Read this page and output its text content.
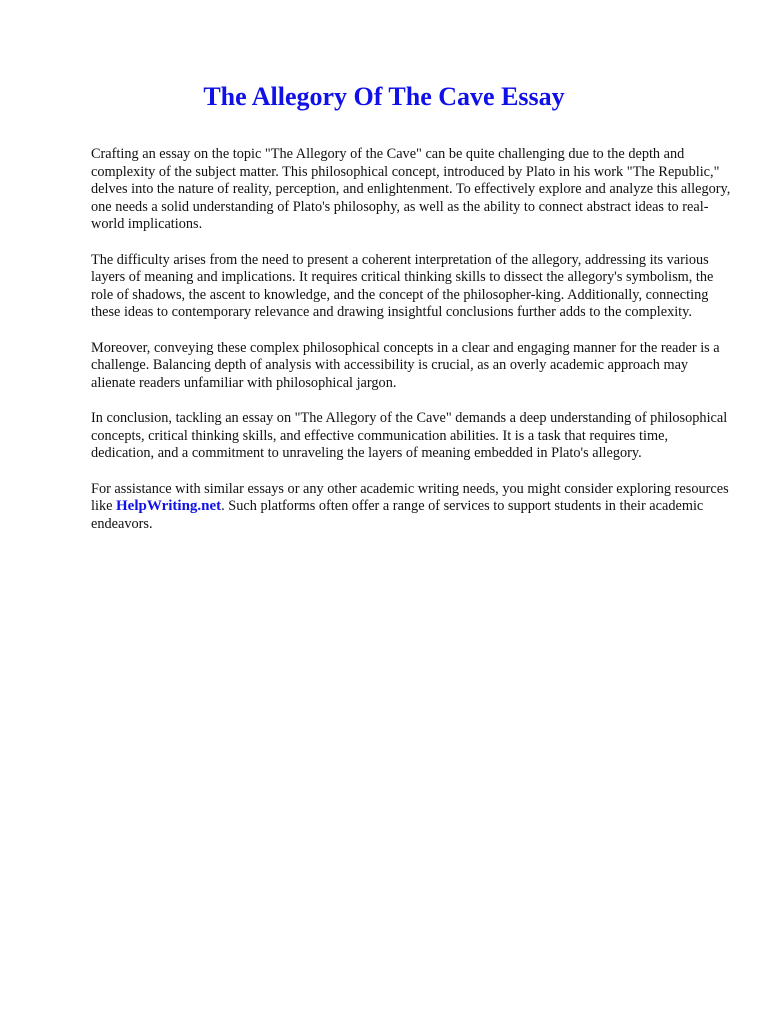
The Allegory Of The Cave Essay

Crafting an essay on the topic "The Allegory of the Cave" can be quite challenging due to the depth and complexity of the subject matter. This philosophical concept, introduced by Plato in his work "The Republic," delves into the nature of reality, perception, and enlightenment. To effectively explore and analyze this allegory, one needs a solid understanding of Plato's philosophy, as well as the ability to connect abstract ideas to real-world implications.

The difficulty arises from the need to present a coherent interpretation of the allegory, addressing its various layers of meaning and implications. It requires critical thinking skills to dissect the allegory's symbolism, the role of shadows, the ascent to knowledge, and the concept of the philosopher-king. Additionally, connecting these ideas to contemporary relevance and drawing insightful conclusions further adds to the complexity.

Moreover, conveying these complex philosophical concepts in a clear and engaging manner for the reader is a challenge. Balancing depth of analysis with accessibility is crucial, as an overly academic approach may alienate readers unfamiliar with philosophical jargon.

In conclusion, tackling an essay on "The Allegory of the Cave" demands a deep understanding of philosophical concepts, critical thinking skills, and effective communication abilities. It is a task that requires time, dedication, and a commitment to unraveling the layers of meaning embedded in Plato's allegory.

For assistance with similar essays or any other academic writing needs, you might consider exploring resources like HelpWriting.net. Such platforms often offer a range of services to support students in their academic endeavors.
